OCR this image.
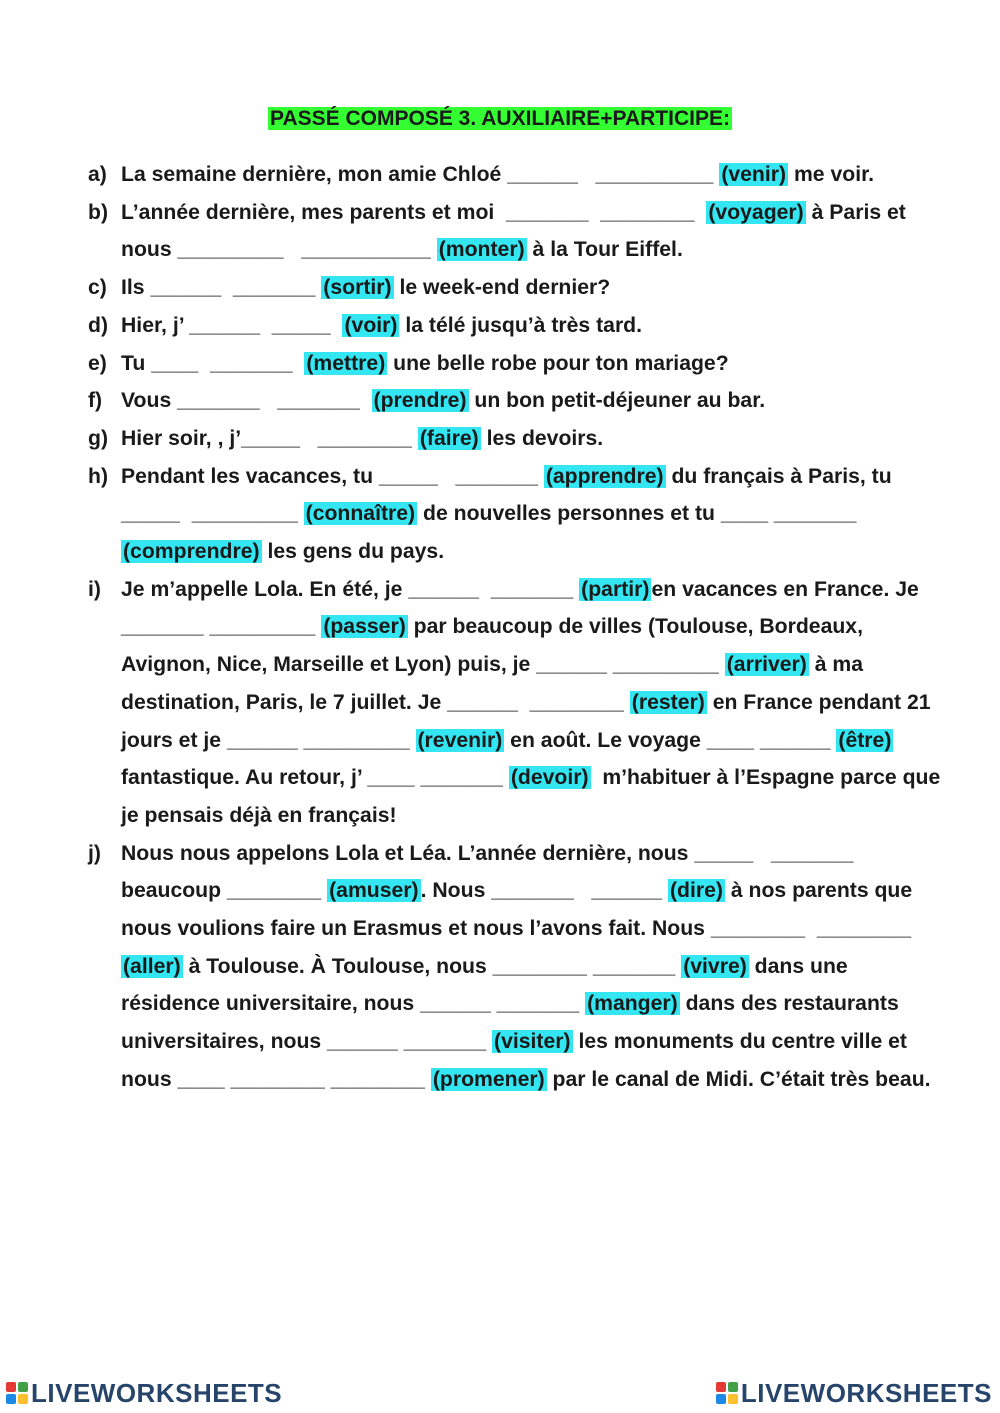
PASSÉ COMPOSÉ 3. AUXILIAIRE+PARTICIPE:
a) La semaine dernière, mon amie Chloé ______   __________ (venir) me voir.
b) L’année dernière, mes parents et moi  _______  ________  (voyager) à Paris et nous _________   ___________ (monter) à la Tour Eiffel.
c) Ils ______  _______ (sortir) le week-end dernier?
d) Hier, j’ ______  _____  (voir) la télé jusqu’à très tard.
e) Tu ____  _______  (mettre) une belle robe pour ton mariage?
f) Vous _______   _______  (prendre) un bon petit-déjeuner au bar.
g) Hier soir, , j’_____   ________ (faire) les devoirs.
h) Pendant les vacances, tu _____   _______ (apprendre) du français à Paris, tu _____  _________ (connaître) de nouvelles personnes et tu ____ _______ (comprendre) les gens du pays.
i) Je m’appelle Lola. En été, je ______  _______ (partir)en vacances en France. Je _______ _________ (passer) par beaucoup de villes (Toulouse, Bordeaux, Avignon, Nice, Marseille et Lyon) puis, je ______ _________ (arriver) à ma destination, Paris, le 7 juillet. Je ______  ________ (rester) en France pendant 21 jours et je ______ _________ (revenir) en août. Le voyage ____ ______ (être) fantastique. Au retour, j’ ____ _______ (devoir)  m’habituer à l’Espagne parce que je pensais déjà en français!
j) Nous nous appelons Lola et Léa. L’année dernière, nous _____   _______ beaucoup ________ (amuser). Nous _______   ______ (dire) à nos parents que nous voulions faire un Erasmus et nous l’avons fait. Nous ________  ________ (aller) à Toulouse. À Toulouse, nous ________ _______ (vivre) dans une résidence universitaire, nous ______ _______ (manger) dans des restaurants universitaires, nous ______ _______ (visiter) les monuments du centre ville et nous ____ ________ ________ (promener) par le canal de Midi. C’était très beau.
LIVEWORKSHEETS	LIVEWORKSHEETS
